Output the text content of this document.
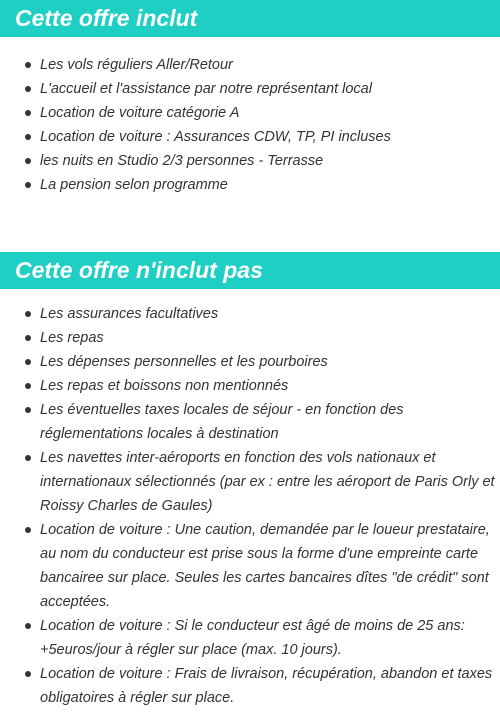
Cette offre inclut
Les vols réguliers Aller/Retour
L'accueil et l'assistance par notre représentant local
Location de voiture catégorie A
Location de voiture : Assurances CDW, TP, PI incluses
les nuits en Studio 2/3 personnes - Terrasse
La pension selon programme
Cette offre n'inclut pas
Les assurances facultatives
Les repas
Les dépenses personnelles et les pourboires
Les repas et boissons non mentionnés
Les éventuelles taxes locales de séjour - en fonction des réglementations locales à destination
Les navettes inter-aéroports en fonction des vols nationaux et internationaux sélectionnés (par ex : entre les aéroport de Paris Orly et Roissy Charles de Gaules)
Location de voiture : Une caution, demandée par le loueur prestataire, au nom du conducteur est prise sous la forme d'une empreinte carte bancairee sur place. Seules les cartes bancaires dîtes "de crédit" sont acceptées.
Location de voiture : Si le conducteur est âgé de moins de 25 ans: +5euros/jour à régler sur place (max. 10 jours).
Location de voiture : Frais de livraison, récupération, abandon et taxes obligatoires à régler sur place.
